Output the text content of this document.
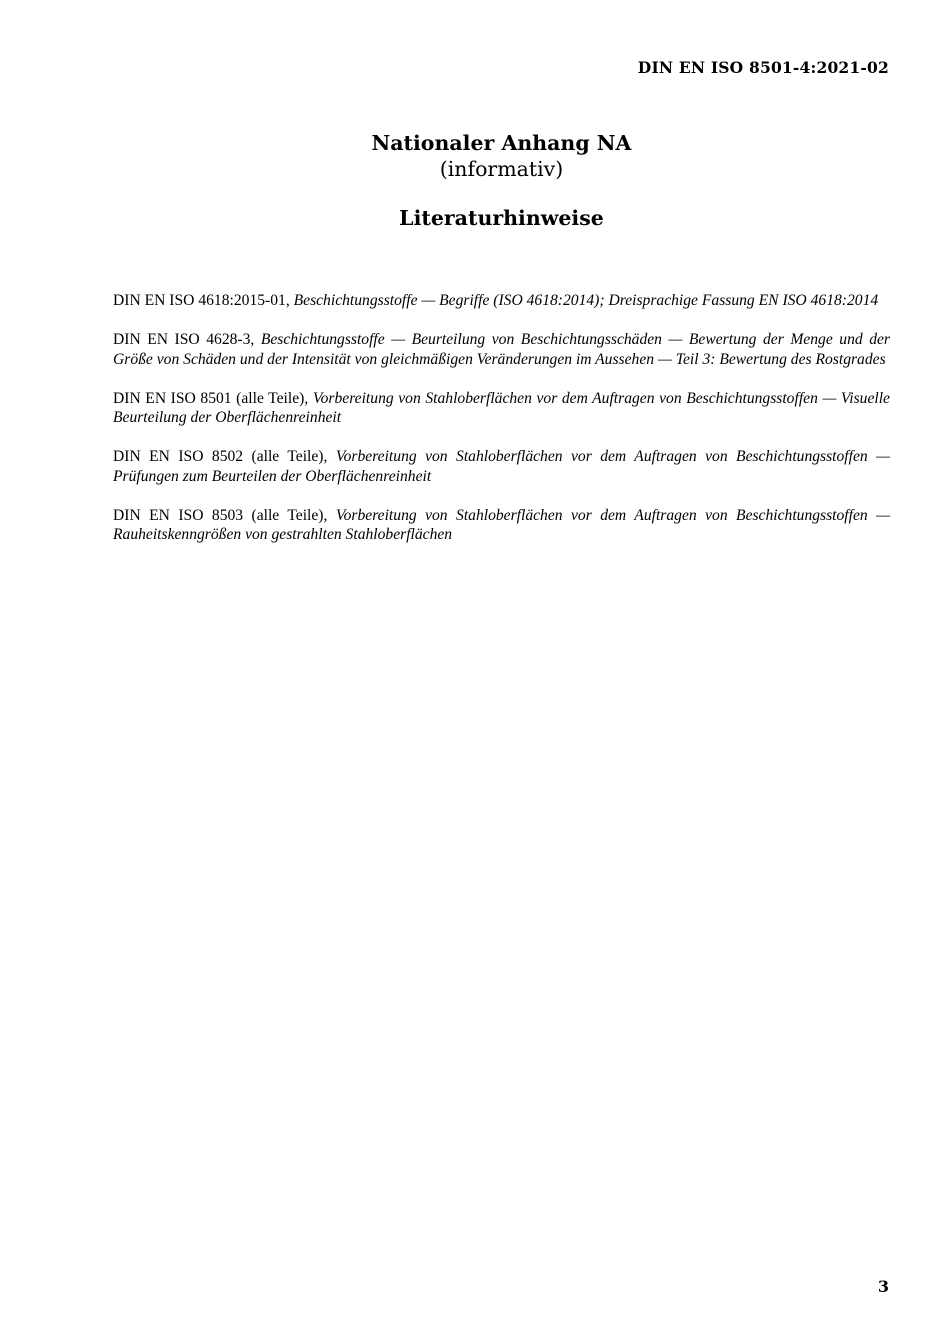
DIN EN ISO 8501-4:2021-02
Nationaler Anhang NA
(informativ)
Literaturhinweise

DIN EN ISO 4618:2015-01, Beschichtungsstoffe — Begriffe (ISO 4618:2014); Dreisprachige Fassung EN ISO 4618:2014

DIN EN ISO 4628-3, Beschichtungsstoffe — Beurteilung von Beschichtungsschäden — Bewertung der Menge und der Größe von Schäden und der Intensität von gleichmäßigen Veränderungen im Aussehen — Teil 3: Bewertung des Rostgrades

DIN EN ISO 8501 (alle Teile), Vorbereitung von Stahloberflächen vor dem Auftragen von Beschichtungsstoffen — Visuelle Beurteilung der Oberflächenreinheit

DIN EN ISO 8502 (alle Teile), Vorbereitung von Stahloberflächen vor dem Auftragen von Beschichtungsstoffen — Prüfungen zum Beurteilen der Oberflächenreinheit

DIN EN ISO 8503 (alle Teile), Vorbereitung von Stahloberflächen vor dem Auftragen von Beschichtungsstoffen — Rauheitskenngrößen von gestrahlten Stahloberflächen

3
